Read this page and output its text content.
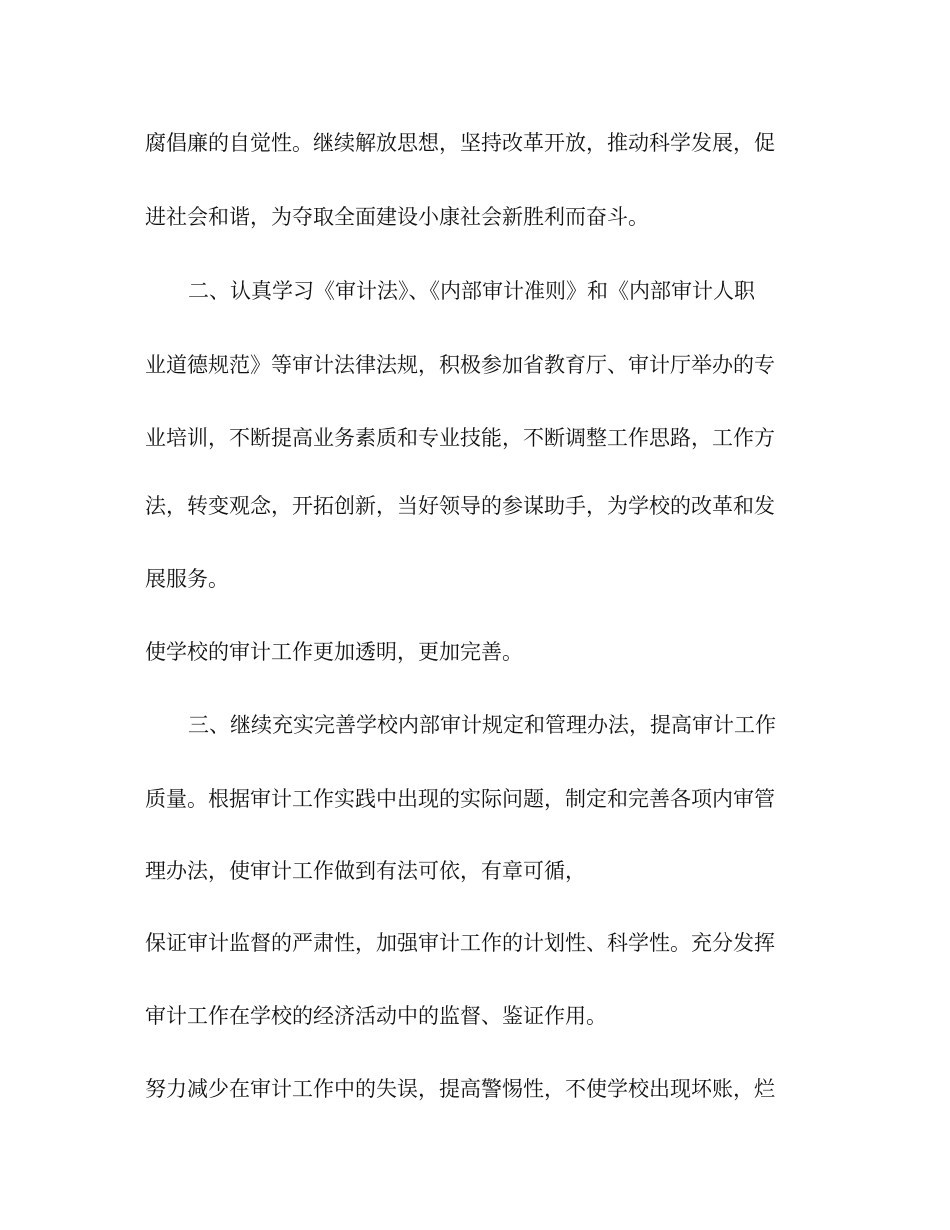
腐倡廉的自觉性。继续解放思想，坚持改革开放，推动科学发展，促
进社会和谐，为夺取全面建设小康社会新胜利而奋斗。
二、认真学习《审计法》、《内部审计准则》和《内部审计人职
业道德规范》等审计法律法规，积极参加省教育厅、审计厅举办的专
业培训，不断提高业务素质和专业技能，不断调整工作思路，工作方
法，转变观念，开拓创新，当好领导的参谋助手，为学校的改革和发
展服务。
使学校的审计工作更加透明，更加完善。
三、继续充实完善学校内部审计规定和管理办法，提高审计工作
质量。根据审计工作实践中出现的实际问题，制定和完善各项内审管
理办法，使审计工作做到有法可依，有章可循，
保证审计监督的严肃性，加强审计工作的计划性、科学性。充分发挥
审计工作在学校的经济活动中的监督、鉴证作用。
努力减少在审计工作中的失误，提高警惕性，不使学校出现坏账，烂
